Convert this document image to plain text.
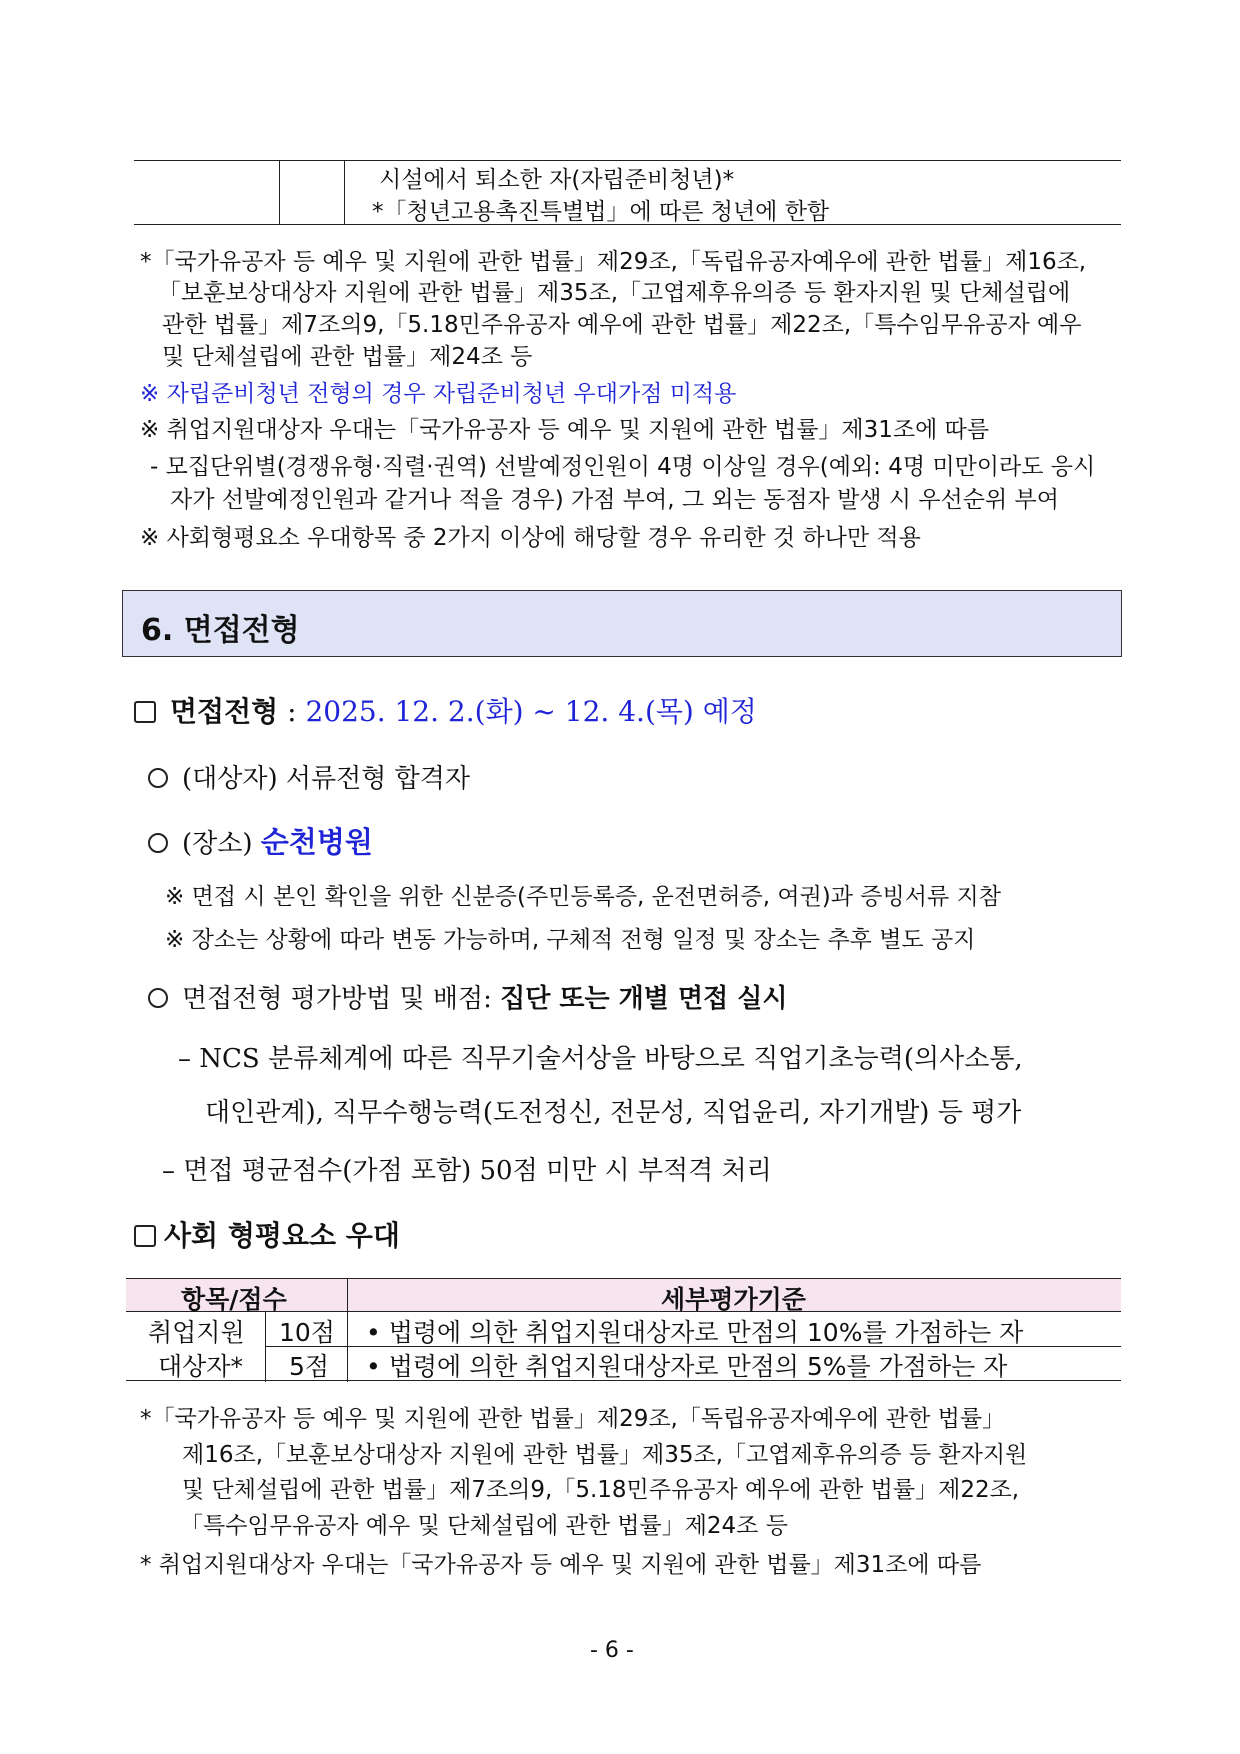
시설에서 퇴소한 자(자립준비청년)*
*「청년고용촉진특별법」에 따른 청년에 한함
*「국가유공자 등 예우 및 지원에 관한 법률」제29조,「독립유공자예우에 관한 법률」제16조,
「보훈보상대상자 지원에 관한 법률」제35조,「고엽제후유의증 등 환자지원 및 단체설립에
관한 법률」제7조의9,「5.18민주유공자 예우에 관한 법률」제22조,「특수임무유공자 예우
및 단체설립에 관한 법률」제24조 등
※ 자립준비청년 전형의 경우 자립준비청년 우대가점 미적용
※ 취업지원대상자 우대는「국가유공자 등 예우 및 지원에 관한 법률」제31조에 따름
- 모집단위별(경쟁유형·직렬·권역) 선발예정인원이 4명 이상일 경우(예외: 4명 미만이라도 응시
자가 선발예정인원과 같거나 적을 경우) 가점 부여, 그 외는 동점자 발생 시 우선순위 부여
※ 사회형평요소 우대항목 중 2가지 이상에 해당할 경우 유리한 것 하나만 적용
6. 면접전형
면접전형 : 2025. 12. 2.(화) ~ 12. 4.(목) 예정
(대상자) 서류전형 합격자
(장소) 순천병원
※ 면접 시 본인 확인을 위한 신분증(주민등록증, 운전면허증, 여권)과 증빙서류 지참
※ 장소는 상황에 따라 변동 가능하며, 구체적 전형 일정 및 장소는 추후 별도 공지
면접전형 평가방법 및 배점: 집단 또는 개별 면접 실시
– NCS 분류체계에 따른 직무기술서상을 바탕으로 직업기초능력(의사소통,
대인관계), 직무수행능력(도전정신, 전문성, 직업윤리, 자기개발) 등 평가
– 면접 평균점수(가점 포함) 50점 미만 시 부적격 처리
사회 형평요소 우대
항목/점수	세부평가기준
취업지원
대상자*
10점
5점
• 법령에 의한 취업지원대상자로 만점의 10%를 가점하는 자
• 법령에 의한 취업지원대상자로 만점의 5%를 가점하는 자
*「국가유공자 등 예우 및 지원에 관한 법률」제29조,「독립유공자예우에 관한 법률」
제16조,「보훈보상대상자 지원에 관한 법률」제35조,「고엽제후유의증 등 환자지원
및 단체설립에 관한 법률」제7조의9,「5.18민주유공자 예우에 관한 법률」제22조,
「특수임무유공자 예우 및 단체설립에 관한 법률」제24조 등
* 취업지원대상자 우대는「국가유공자 등 예우 및 지원에 관한 법률」제31조에 따름
- 6 -
